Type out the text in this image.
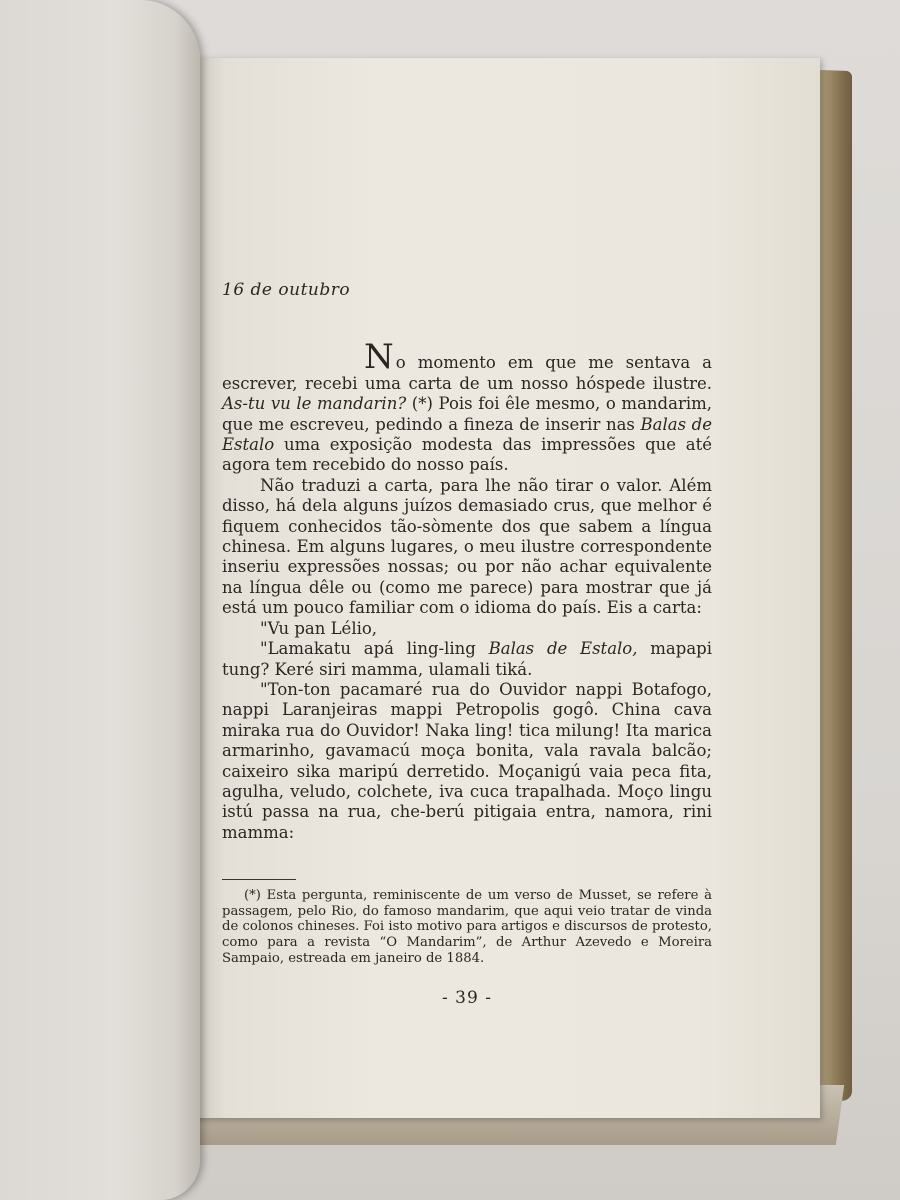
16 de outubro

No momento em que me sentava a escrever, recebi uma carta de um nosso hóspede ilustre. As-tu vu le mandarin? (*) Pois foi êle mesmo, o mandarim, que me escreveu, pedindo a fineza de inserir nas Balas de Estalo uma exposição modesta das impressões que até agora tem recebido do nosso país.

Não traduzi a carta, para lhe não tirar o valor. Além disso, há dela alguns juízos demasiado crus, que melhor é fiquem conhecidos tão-sòmente dos que sabem a língua chinesa. Em alguns lugares, o meu ilustre correspondente inseriu expressões nossas; ou por não achar equivalente na língua dêle ou (como me parece) para mostrar que já está um pouco familiar com o idioma do país. Eis a carta:

"Vu pan Lélio,

"Lamakatu apá ling-ling Balas de Estalo, mapapi tung? Keré siri mamma, ulamali tiká.

"Ton-ton pacamaré rua do Ouvidor nappi Botafogo, nappi Laranjeiras mappi Petropolis gogô. China cava miraka rua do Ouvidor! Naka ling! tica milung! Ita marica armarinho, gavamacú moça bonita, vala ravala balcão; caixeiro sika maripú derretido. Moçanigú vaia peca fita, agulha, veludo, colchete, iva cuca trapalhada. Moço lingu istú passa na rua, che-berú pitigaia entra, namora, rini mamma:

(*) Esta pergunta, reminiscente de um verso de Musset, se refere à passagem, pelo Rio, do famoso mandarim, que aqui veio tratar de vinda de colonos chineses. Foi isto motivo para artigos e discursos de protesto, como para a revista “O Mandarim”, de Arthur Azevedo e Moreira Sampaio, estreada em janeiro de 1884.

- 39 -
